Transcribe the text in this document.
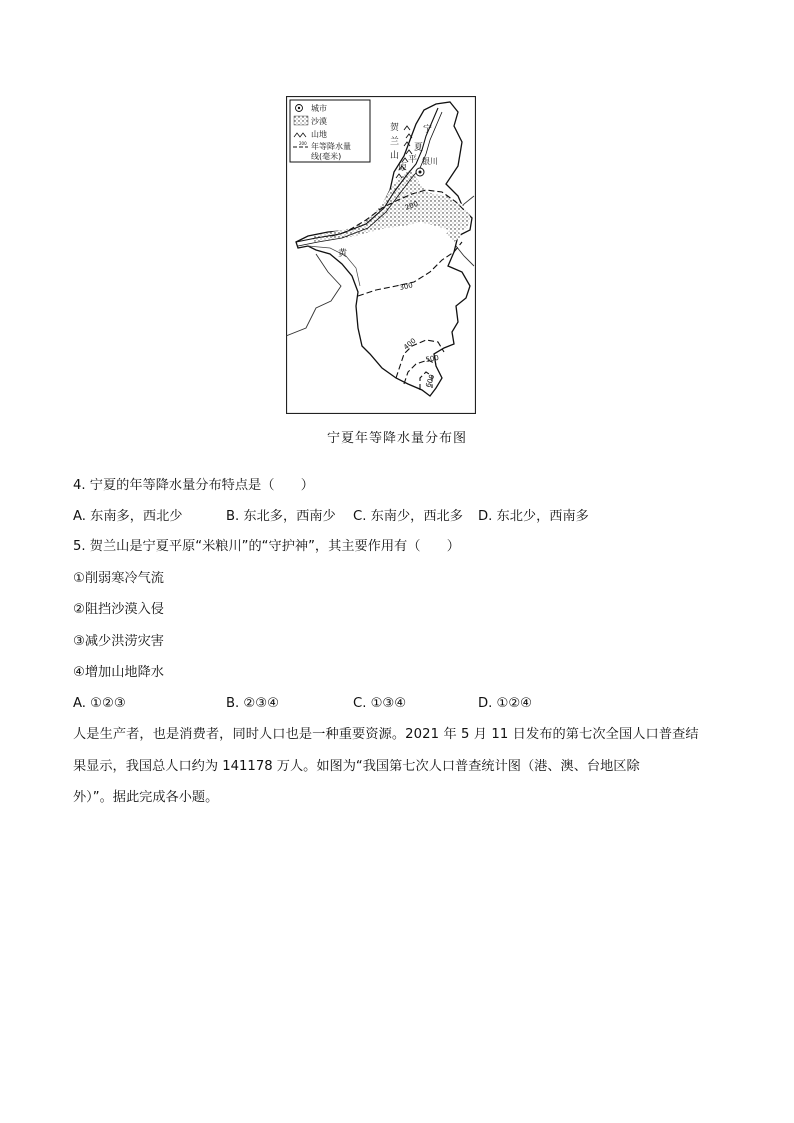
城市
沙漠
山地
200 年等降水量
线(毫米)
贺
兰
山
宁
夏
平
原
银川
黄
200
300
400
500
600
宁夏年等降水量分布图
4. 宁夏的年等降水量分布特点是（　　）
A. 东南多，西北少	B. 东北多，西南少 C. 东南少，西北多 D. 东北少，西南多
5. 贺兰山是宁夏平原“米粮川”的“守护神”，其主要作用有（　　）
①削弱寒冷气流
②阻挡沙漠入侵
③减少洪涝灾害
④增加山地降水
A. ①②③	B. ②③④	C. ①③④	D. ①②④
人是生产者，也是消费者，同时人口也是一种重要资源。2021 年 5 月 11 日发布的第七次全国人口普查结
果显示，我国总人口约为 141178 万人。如图为“我国第七次人口普查统计图（港、澳、台地区除
外）”。据此完成各小题。
